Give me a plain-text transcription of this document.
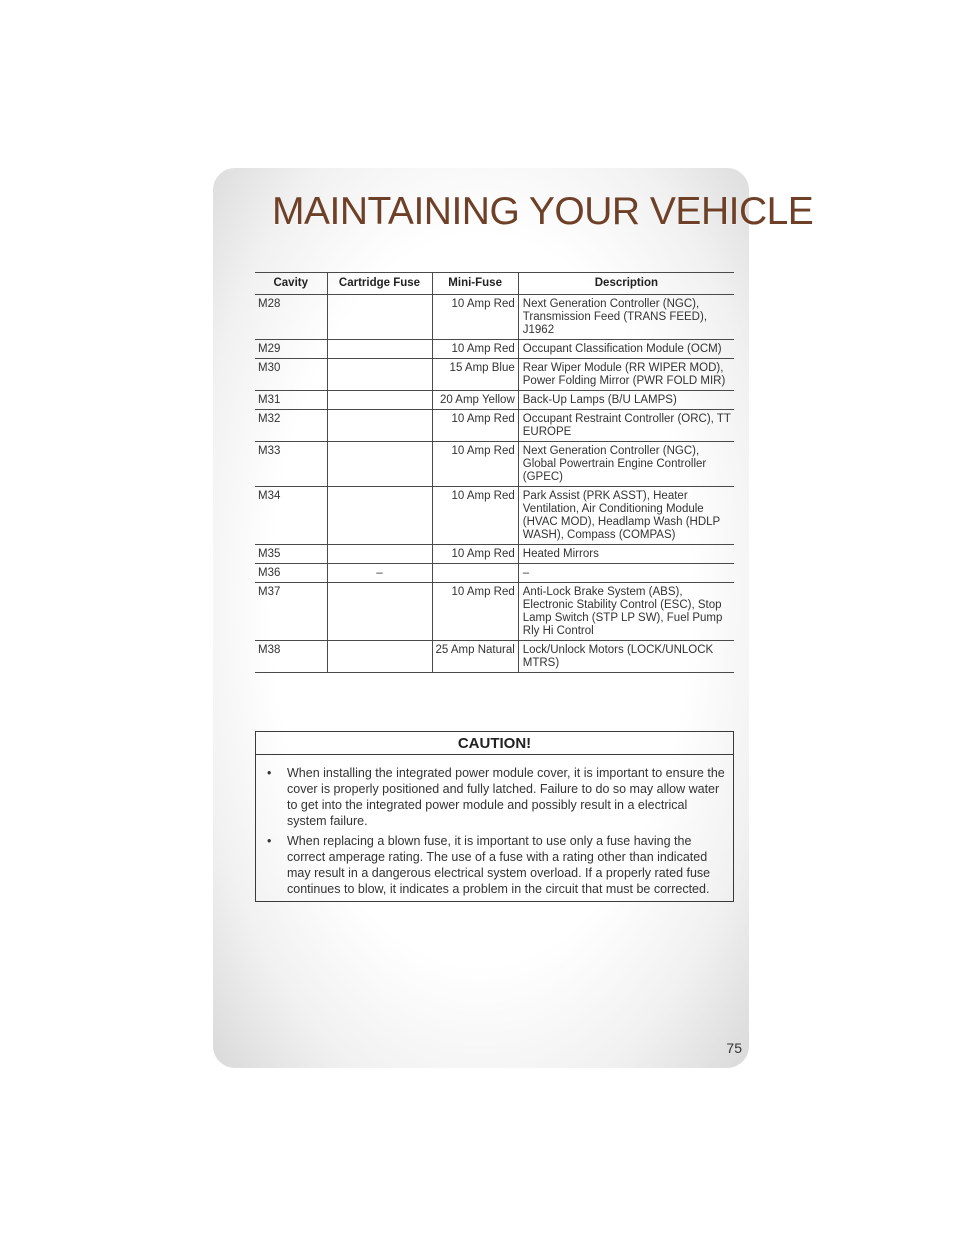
MAINTAINING YOUR VEHICLE
Cavity	Cartridge Fuse	Mini-Fuse	Description
M28		10 Amp Red	Next Generation Controller (NGC), Transmission Feed (TRANS FEED), J1962
M29		10 Amp Red	Occupant Classification Module (OCM)
M30		15 Amp Blue	Rear Wiper Module (RR WIPER MOD), Power Folding Mirror (PWR FOLD MIR)
M31		20 Amp Yellow	Back-Up Lamps (B/U LAMPS)
M32		10 Amp Red	Occupant Restraint Controller (ORC), TT EUROPE
M33		10 Amp Red	Next Generation Controller (NGC), Global Powertrain Engine Controller (GPEC)
M34		10 Amp Red	Park Assist (PRK ASST), Heater Ventilation, Air Conditioning Module (HVAC MOD), Headlamp Wash (HDLP WASH), Compass (COMPAS)
M35		10 Amp Red	Heated Mirrors
M36	–		–
M37		10 Amp Red	Anti-Lock Brake System (ABS), Electronic Stability Control (ESC), Stop Lamp Switch (STP LP SW), Fuel Pump Rly Hi Control
M38		25 Amp Natural	Lock/Unlock Motors (LOCK/UNLOCK MTRS)
CAUTION!
• When installing the integrated power module cover, it is important to ensure the cover is properly positioned and fully latched. Failure to do so may allow water to get into the integrated power module and possibly result in a electrical system failure.
• When replacing a blown fuse, it is important to use only a fuse having the correct amperage rating. The use of a fuse with a rating other than indicated may result in a dangerous electrical system overload. If a properly rated fuse continues to blow, it indicates a problem in the circuit that must be corrected.
75
